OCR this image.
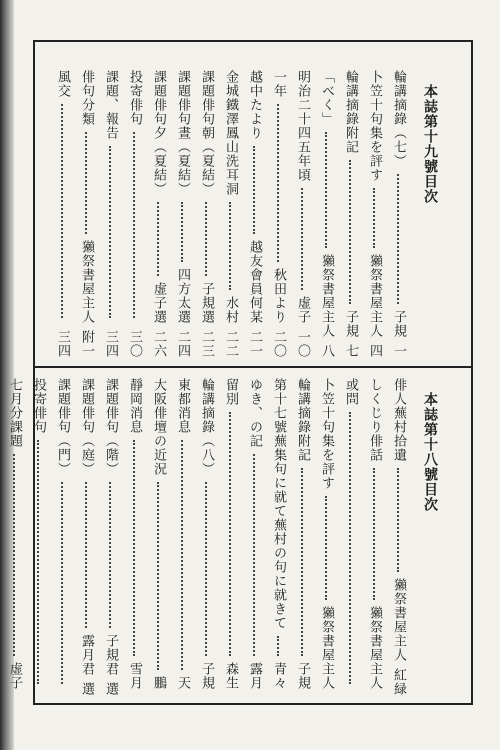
本誌第十九號目次
輪講摘錄（七）
子規
一
卜笠十句集を評す
獺祭書屋主人
四
輪講摘錄附記
子規
七
「べく」
獺祭書屋主人
八
明治二十四五年頃
虚子
一〇
一年
秋田より
二〇
越中たより
越友會員何某
二一
金城鐡澤鳳山洗耳洞
水村
二二
課題俳句朝（夏結）
子規選
二三
課題俳句晝（夏結）
四方太選
二四
課題俳句夕（夏結）
虚子選
二六
投寄俳句
三〇
課題、報告
三四
俳句分類
獺祭書屋主人
附一
風交
三四
本誌第十八號目次
俳人蕪村拾遺
獺祭書屋主人
紅緑
しくじり俳話
獺祭書屋主人
或問
卜笠十句集を評す
獺祭書屋主人
輪講摘錄附記
子規
第十七號蕪集句に就て蕪村の句に就きて
青々
ゆき、の記
露月
留別
森生
輪講摘錄（八）
子規
東都消息
天
大阪俳壇の近況
鵬
靜岡消息
雪月
課題俳句（階）
子規君
選
課題俳句（庭）
露月君
選
課題俳句（門）
投寄俳句
七月分課題
虚子
